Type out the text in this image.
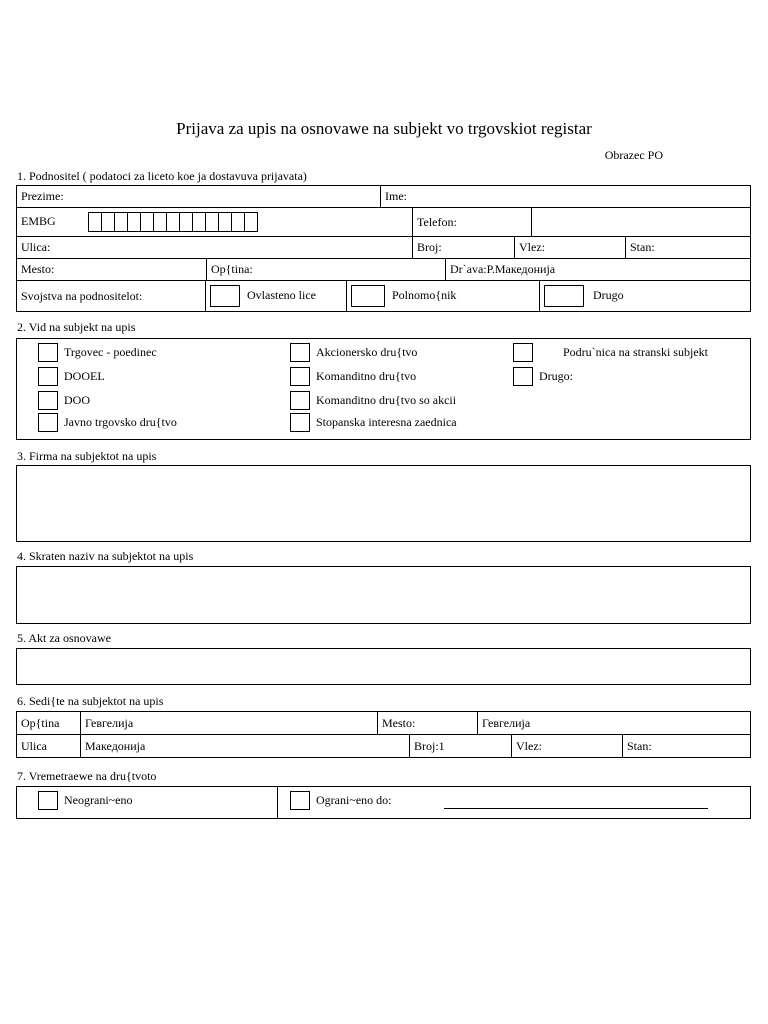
Prijava za upis na osnovawe na subjekt vo trgovskiot registar
Obrazec PO
1. Podnositel ( podatoci za liceto koe ja dostavuva prijavata)
Prezime:	Ime:
EMBG	Telefon:	
Ulica:	Broj:	Vlez:	Stan:
Mesto:	Op{tina:	Dr`ava:Р.Македонија
Svojstva na podnositelot:	Ovlasteno lice	Polnomo{nik	Drugo
2. Vid na subjekt na upis
Trgovec - poedinec
DOOEL
DOO
Javno trgovsko dru{tvo
Akcionersko dru{tvo
Komanditno dru{tvo
Komanditno dru{tvo so akcii
Stopanska interesna zaednica
Podru`nica na stranski subjekt
Drugo:
3. Firma na subjektot na upis
4. Skraten naziv na subjektot na upis
5. Akt za osnovawe
6. Sedi{te na subjektot na upis
Op{tina	Гевгелија	Mesto:	Гевгелија
Ulica	Македонија	Broj:1	Vlez:	Stan:
7. Vremetraewe na dru{tvoto
Neograni~eno	Ograni~eno do:
